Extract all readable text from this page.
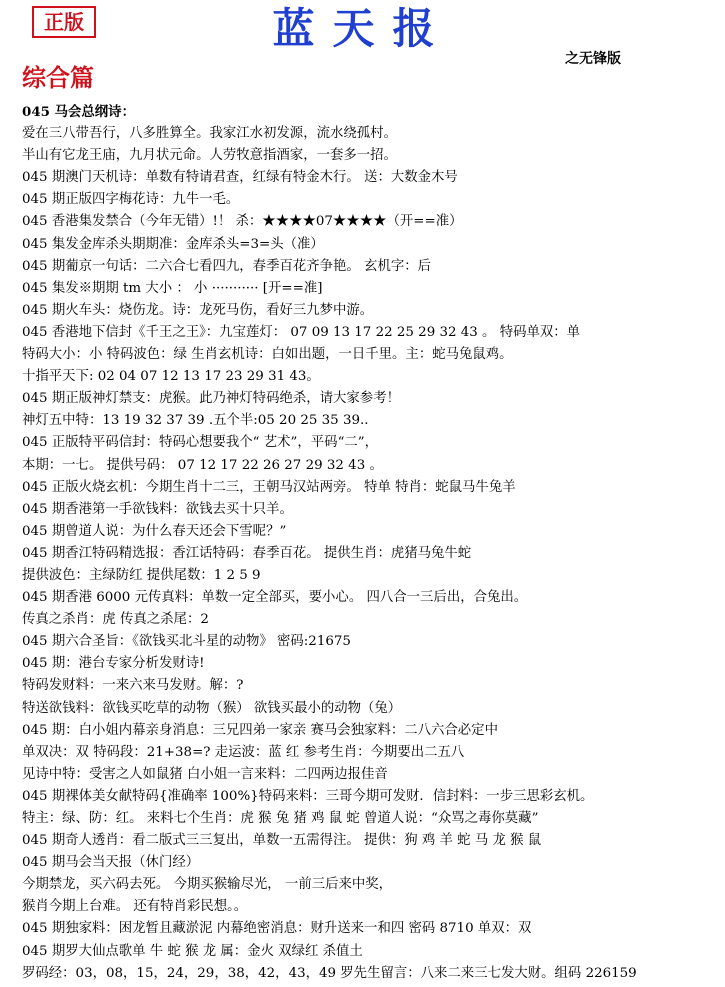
正版	蓝天报
之无锋版
综合篇
045 马会总纲诗：
爱在三八带吾行，八多胜算全。我家江水初发源，流水绕孤村。
半山有它龙王庙，九月状元命。人劳牧意指酒家，一套多一招。
045 期澳门天机诗：单数有特请君查，红绿有特金木行。 送：大数金木号
045 期正版四字梅花诗：九牛一毛。
045 香港集发禁合（今年无错）!！ 杀：★★★★07★★★★（开==准）
045 集发金库杀头期期准：金库杀头=3=头（准）
045 期葡京一句话：二六合七看四九，春季百花齐争艳。 玄机字：后
045 集发※期期 tm 大小 ： 小 ··········· [开==准]
045 期火车头：烧伤龙。诗：龙死马伤，看好三九梦中游。
045 香港地下信封《千王之王》：九宝莲灯： 07 09 13 17 22 25 29 32 43 。 特码单双：单
特码大小：小 特码波色：绿 生肖玄机诗：白如出题，一日千里。主：蛇马兔鼠鸡。
十指平天下: 02 04 07 12 13 17 23 29 31 43。
045 期正版神灯禁支：虎猴。此乃神灯特码绝杀，请大家参考！
神灯五中特：13 19 32 37 39 .五个半:05 20 25 35 39..
045 正版特平码信封：特码心想要我个“ 艺术”，平码“二”，
本期：一七。 提供号码： 07 12 17 22 26 27 29 32 43 。
045 正版火烧玄机：今期生肖十二三，王朝马汉站两旁。 特单 特肖：蛇鼠马牛兔羊
045 期香港第一手欲钱料：欲钱去买十只羊。
045 期曾道人说：为什么春天还会下雪呢？”
045 期香江特码精选报：香江话特码：春季百花。 提供生肖：虎猪马兔牛蛇
提供波色：主绿防红 提供尾数：1 2 5 9
045 期香港 6000 元传真料：单数一定全部买，要小心。 四八合一三后出，合兔出。
传真之杀肖：虎 传真之杀尾：2
045 期六合圣旨：《欲钱买北斗星的动物》 密码:21675
045 期：港台专家分析发财诗!
特码发财料：一来六来马发财。解：?
特送欲钱料：欲钱买吃草的动物（猴） 欲钱买最小的动物（兔）
045 期：白小姐内幕亲身消息：三兄四弟一家亲 赛马会独家料：二八六合必定中
单双决：双 特码段：21+38=? 走运波：蓝 红 参考生肖：今期要出二五八
见诗中特：受害之人如鼠猪 白小姐一言来料：二四两边报佳音
045 期裸体美女献特码{准确率 100%}特码来料：三哥今期可发财．信封料：一步三思彩玄机。
特主：绿、防：红。 来料七个生肖：虎 猴 兔 猪 鸡 鼠 蛇 曾道人说：“众骂之毒你莫藏”
045 期奇人透肖：看二版式三三复出，单数一五需得注。 提供：狗 鸡 羊 蛇 马 龙 猴 鼠
045 期马会当天报（休门经）
今期禁龙，买六码去死。 今期买猴输尽光， 一前三后来中奖，
猴肖今期上台难。 还有特肖彩民想。。
045 期独家料：困龙暂且藏淤泥 内幕绝密消息：财升送来一和四 密码 8710 单双：双
045 期罗大仙点歌单 牛 蛇 猴 龙 属：金火 双绿红 杀值土
罗码经：03，08，15，24，29，38，42，43，49 罗先生留言：八来二来三七发大财。组码 226159
